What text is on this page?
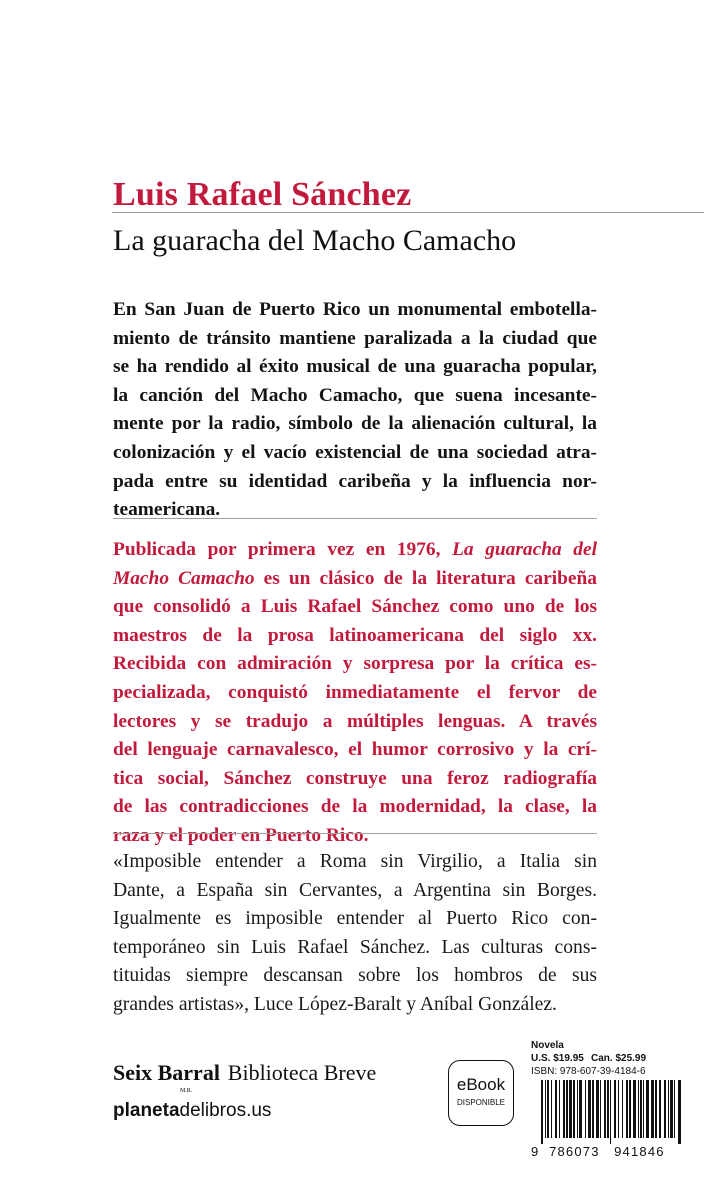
Luis Rafael Sánchez
La guaracha del Macho Camacho
En San Juan de Puerto Rico un monumental embotella-
miento de tránsito mantiene paralizada a la ciudad que
se ha rendido al éxito musical de una guaracha popular,
la canción del Macho Camacho, que suena incesante-
mente por la radio, símbolo de la alienación cultural, la
colonización y el vacío existencial de una sociedad atra-
pada entre su identidad caribeña y la influencia nor-
teamericana.
Publicada por primera vez en 1976, La guaracha del
Macho Camacho es un clásico de la literatura caribeña
que consolidó a Luis Rafael Sánchez como uno de los
maestros de la prosa latinoamericana del siglo xx.
Recibida con admiración y sorpresa por la crítica es-
pecializada, conquistó inmediatamente el fervor de
lectores y se tradujo a múltiples lenguas. A través
del lenguaje carnavalesco, el humor corrosivo y la crí-
tica social, Sánchez construye una feroz radiografía
de las contradicciones de la modernidad, la clase, la
raza y el poder en Puerto Rico.
«Imposible entender a Roma sin Virgilio, a Italia sin
Dante, a España sin Cervantes, a Argentina sin Borges.
Igualmente es imposible entender al Puerto Rico con-
temporáneo sin Luis Rafael Sánchez. Las culturas cons-
tituidas siempre descansan sobre los hombros de sus
grandes artistas», Luce López-Baralt y Aníbal González.
Seix Barral$_{M.R.}$ Biblioteca Breve
planetadelibros.us
eBook
DISPONIBLE
Novela
U.S. $19.95 Can. $25.99
ISBN: 978-607-39-4184-6
9 786073 941846
